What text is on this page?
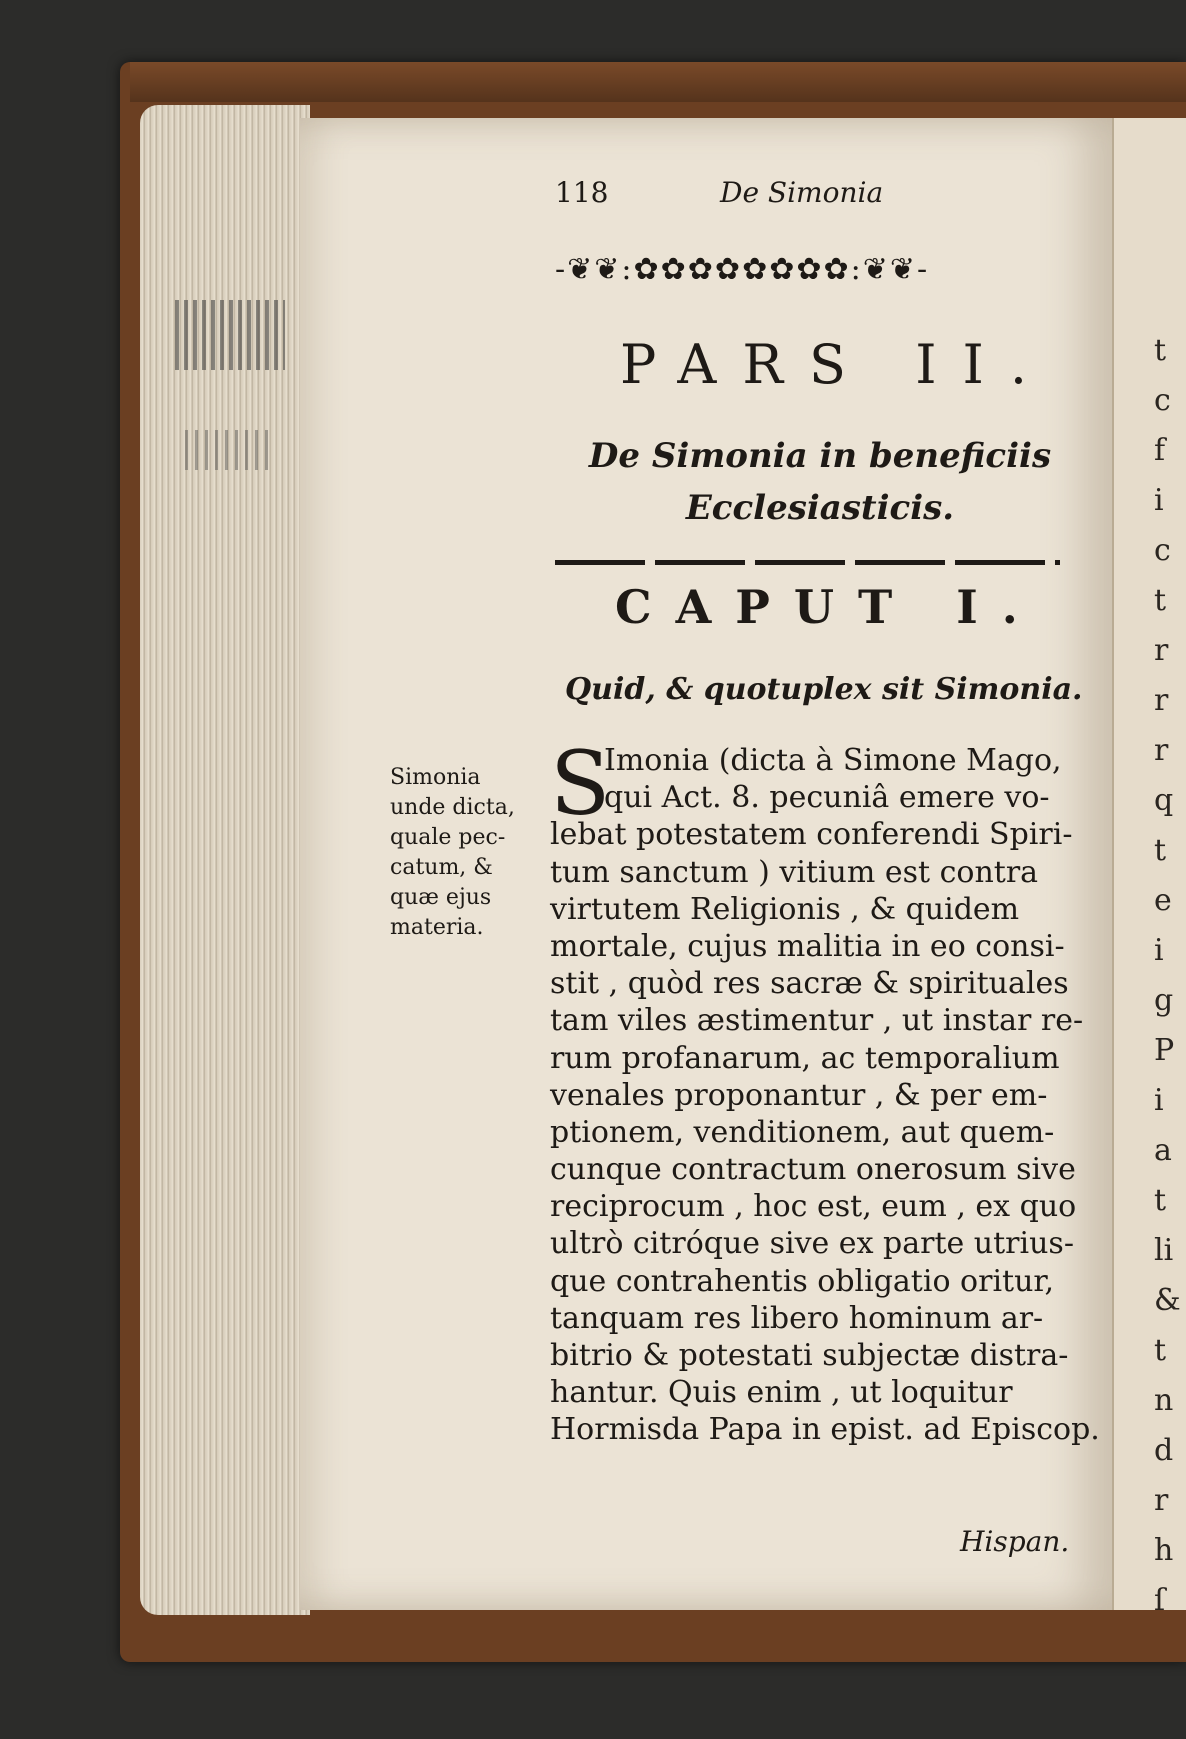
t
c
f
i
c
t
r
r
r
q
t
e
i
g
P
i
a
t
li
&
t
n
d
r
h
ſ
118	De Simonia
-❦❦:✿✿✿✿✿✿✿✿:❦❦-
PARS II.
De Simonia in beneficiis
Ecclesiasticis.
CAPUT I.
Quid, & quotuplex sit Simonia.
Simonia
unde dicta,
quale pec-
catum, &
quæ ejus
materia.
S
Imonia (dicta à Simone Mago,
qui Act. 8. pecuniâ emere vo-
lebat potestatem conferendi Spiri-
tum sanctum ) vitium est contra
virtutem Religionis , & quidem
mortale, cujus malitia in eo consi-
stit , quòd res sacræ & spirituales
tam viles æstimentur , ut instar re-
rum profanarum, ac temporalium
venales proponantur , & per em-
ptionem, venditionem, aut quem-
cunque contractum onerosum sive
reciprocum , hoc est, eum , ex quo
ultrò citróque sive ex parte utrius-
que contrahentis obligatio oritur,
tanquam res libero hominum ar-
bitrio & potestati subjectæ distra-
hantur. Quis enim , ut loquitur
Hormisda Papa in epist. ad Episcop.
Hispan.
